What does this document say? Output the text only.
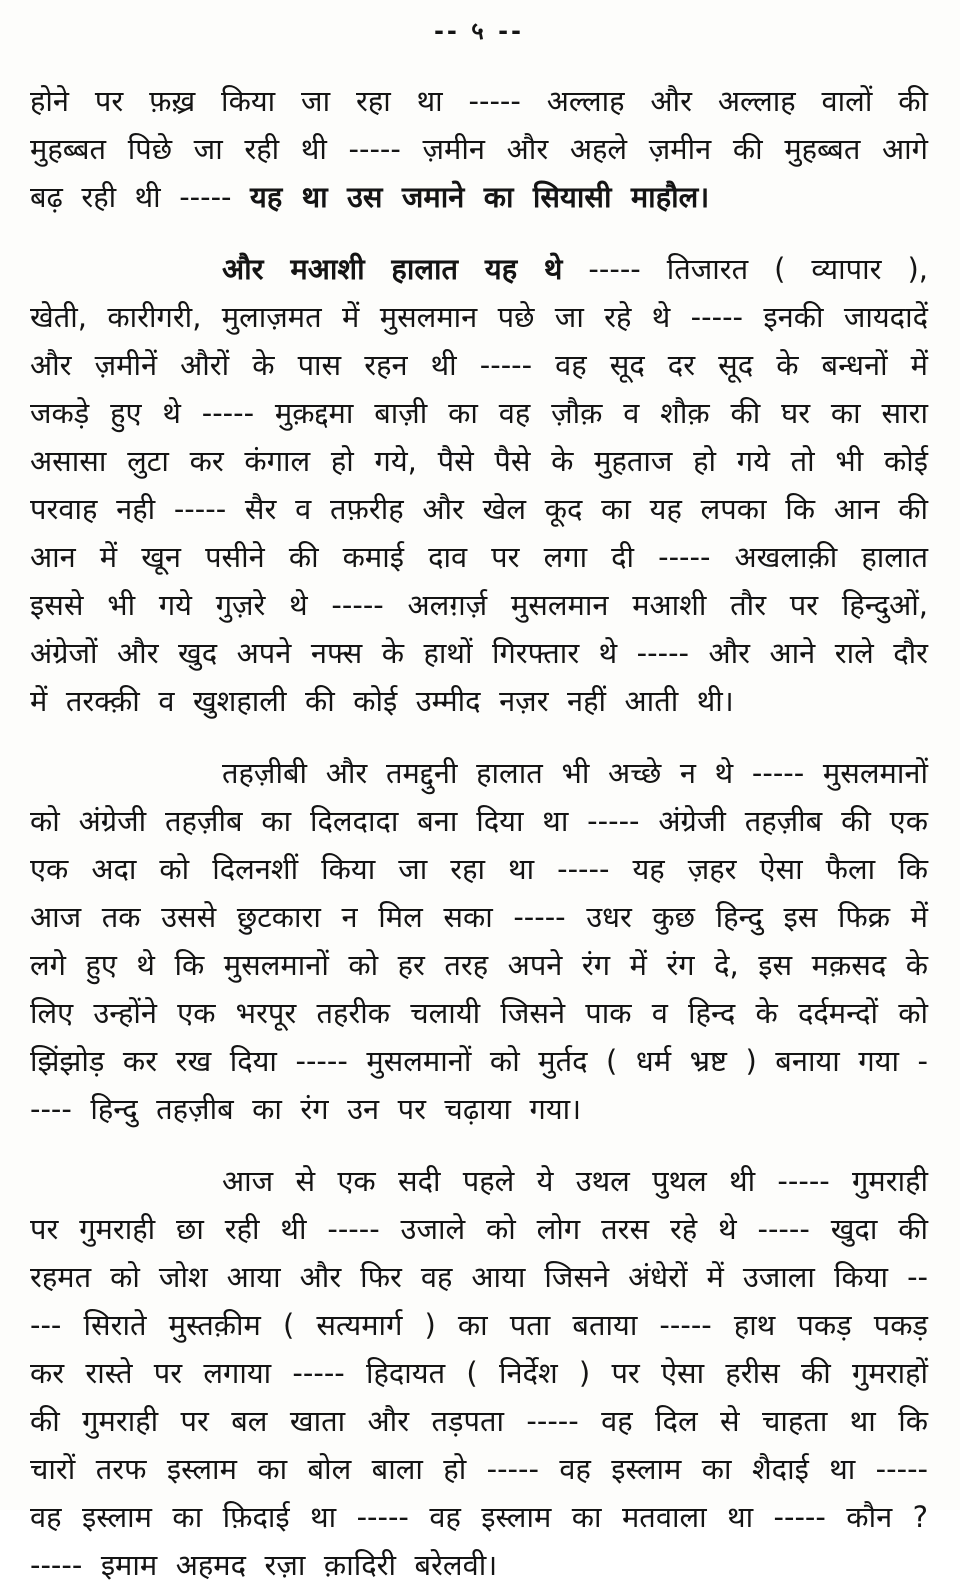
-- ५ --

होने पर फ़ख़्र किया जा रहा था ----- अल्लाह और अल्लाह वालों की मुहब्बत पिछे जा रही थी ----- ज़मीन और अहले ज़मीन की मुहब्बत आगे बढ़ रही थी ----- यह था उस जमाने का सियासी माहौल।

और मआशी हालात यह थे ----- तिजारत ( व्यापार ), खेती, कारीगरी, मुलाज़मत में मुसलमान पछे जा रहे थे ----- इनकी जायदादें और ज़मीनें औरों के पास रहन थी ----- वह सूद दर सूद के बन्धनों में जकड़े हुए थे ----- मुक़द्दमा बाज़ी का वह ज़ौक़ व शौक़ की घर का सारा असासा लुटा कर कंगाल हो गये, पैसे पैसे के मुहताज हो गये तो भी कोई परवाह नही ----- सैर व तफ़रीह और खेल कूद का यह लपका कि आन की आन में खून पसीने की कमाई दाव पर लगा दी ----- अखलाक़ी हालात इससे भी गये गुज़रे थे ----- अलग़र्ज़ मुसलमान मआशी तौर पर हिन्दुओं, अंग्रेजों और खुद अपने नफ्स के हाथों गिरफ्तार थे ----- और आने राले दौर में तरक्क़ी व खुशहाली की कोई उम्मीद नज़र नहीं आती थी।

तहज़ीबी और तमद्दुनी हालात भी अच्छे न थे ----- मुसलमानों को अंग्रेजी तहज़ीब का दिलदादा बना दिया था ----- अंग्रेजी तहज़ीब की एक एक अदा को दिलनशीं किया जा रहा था ----- यह ज़हर ऐसा फैला कि आज तक उससे छुटकारा न मिल सका ----- उधर कुछ हिन्दु इस फिक्र में लगे हुए थे कि मुसलमानों को हर तरह अपने रंग में रंग दे, इस मक़सद के लिए उन्होंने एक भरपूर तहरीक चलायी जिसने पाक व हिन्द के दर्दमन्दों को झिंझोड़ कर रख दिया ----- मुसलमानों को मुर्तद ( धर्म भ्रष्ट ) बनाया गया ----- हिन्दु तहज़ीब का रंग उन पर चढ़ाया गया।

आज से एक सदी पहले ये उथल पुथल थी ----- गुमराही पर गुमराही छा रही थी ----- उजाले को लोग तरस रहे थे ----- खुदा की रहमत को जोश आया और फिर वह आया जिसने अंधेरों में उजाला किया ----- सिराते मुस्तक़ीम ( सत्यमार्ग ) का पता बताया ----- हाथ पकड़ पकड़ कर रास्ते पर लगाया ----- हिदायत ( निर्देश ) पर ऐसा हरीस की गुमराहों की गुमराही पर बल खाता और तड़पता ----- वह दिल से चाहता था कि चारों तरफ इस्लाम का बोल बाला हो ----- वह इस्लाम का शैदाई था ----- वह इस्लाम का फ़िदाई था ----- वह इस्लाम का मतवाला था ----- कौन ? ----- इमाम अहमद रज़ा क़ादिरी बरेलवी।
